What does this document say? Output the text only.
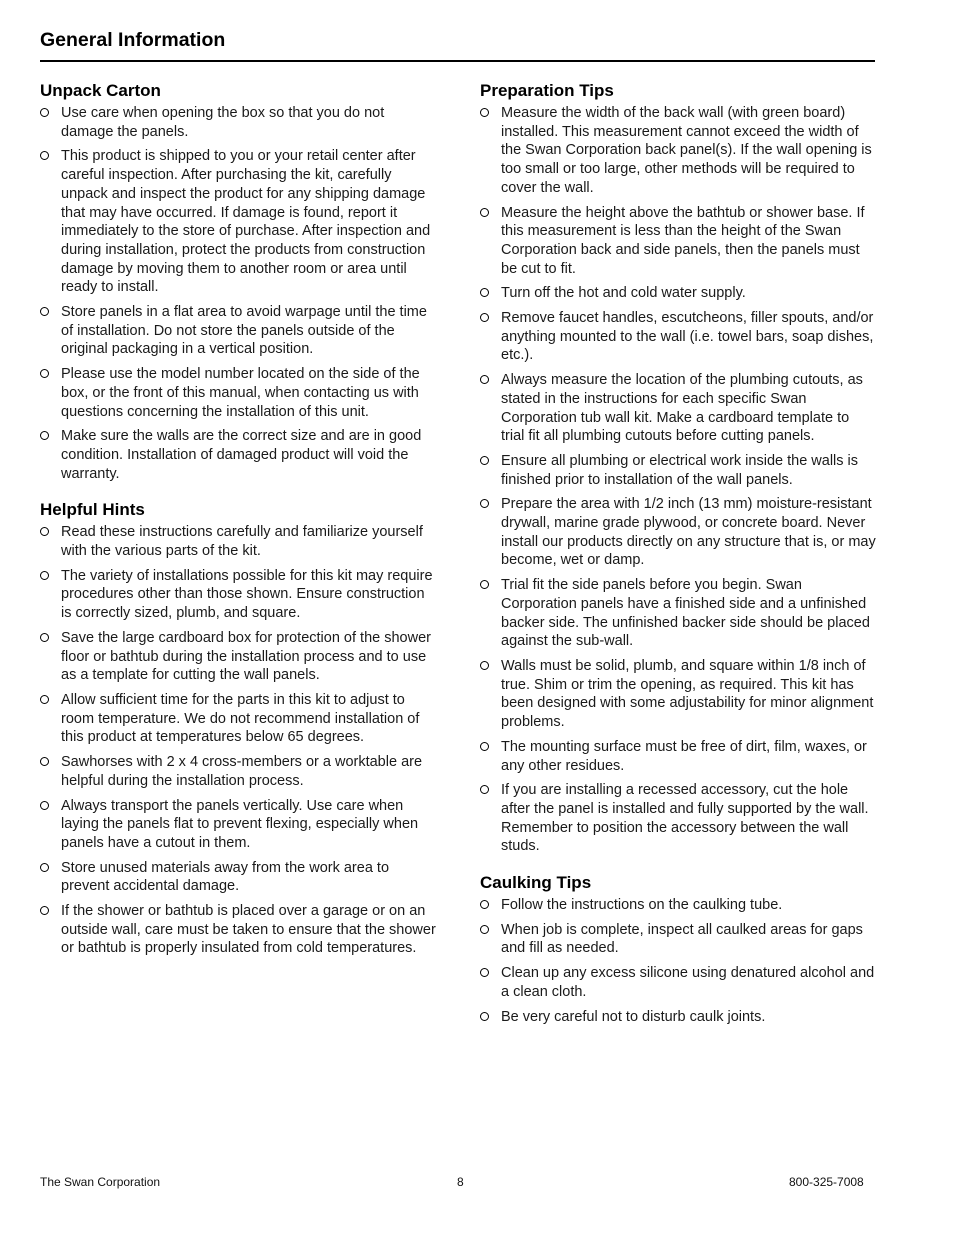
General Information
Unpack Carton
Use care when opening the box so that you do not damage the panels.
This product is shipped to you or your retail center after careful inspection. After purchasing the kit, carefully unpack and inspect the product for any shipping damage that may have occurred. If damage is found, report it immediately to the store of purchase. After inspection and during installation, protect the products from construction damage by moving them to another room or area until ready to install.
Store panels in a flat area to avoid warpage until the time of installation. Do not store the panels outside of the original packaging in a vertical position.
Please use the model number located on the side of the box, or the front of this manual, when contacting us with questions concerning the installation of this unit.
Make sure the walls are the correct size and are in good condition. Installation of damaged product will void the warranty.
Helpful Hints
Read these instructions carefully and familiarize yourself with the various parts of the kit.
The variety of installations possible for this kit may require procedures other than those shown. Ensure construction is correctly sized, plumb, and square.
Save the large cardboard box for protection of the shower floor or bathtub during the installation process and to use as a template for cutting the wall panels.
Allow sufficient time for the parts in this kit to adjust to room temperature. We do not recommend installation of this product at temperatures below 65 degrees.
Sawhorses with 2 x 4 cross-members or a worktable are helpful during the installation process.
Always transport the panels vertically. Use care when laying the panels flat to prevent flexing, especially when panels have a cutout in them.
Store unused materials away from the work area to prevent accidental damage.
If the shower or bathtub is placed over a garage or on an outside wall, care must be taken to ensure that the shower or bathtub is properly insulated from cold temperatures.
Preparation Tips
Measure the width of the back wall (with green board) installed. This measurement cannot exceed the width of the Swan Corporation back panel(s). If the wall opening is too small or too large, other methods will be required to cover the wall.
Measure the height above the bathtub or shower base. If this measurement is less than the height of the Swan Corporation back and side panels, then the panels must be cut to fit.
Turn off the hot and cold water supply.
Remove faucet handles, escutcheons, filler spouts, and/or anything mounted to the wall (i.e. towel bars, soap dishes, etc.).
Always measure the location of the plumbing cutouts, as stated in the instructions for each specific Swan Corporation tub wall kit. Make a cardboard template to trial fit all plumbing cutouts before cutting panels.
Ensure all plumbing or electrical work inside the walls is finished prior to installation of the wall panels.
Prepare the area with 1/2 inch (13 mm) moisture-resistant drywall, marine grade plywood, or concrete board. Never install our products directly on any structure that is, or may become, wet or damp.
Trial fit the side panels before you begin. Swan Corporation panels have a finished side and a unfinished backer side. The unfinished backer side should be placed against the sub-wall.
Walls must be solid, plumb, and square within 1/8 inch of true. Shim or trim the opening, as required. This kit has been designed with some adjustability for minor alignment problems.
The mounting surface must be free of dirt, film, waxes, or any other residues.
If you are installing a recessed accessory, cut the hole after the panel is installed and fully supported by the wall. Remember to position the accessory between the wall studs.
Caulking Tips
Follow the instructions on the caulking tube.
When job is complete, inspect all caulked areas for gaps and fill as needed.
Clean up any excess silicone using denatured alcohol and a clean cloth.
Be very careful not to disturb caulk joints.
The Swan Corporation	8	800-325-7008
